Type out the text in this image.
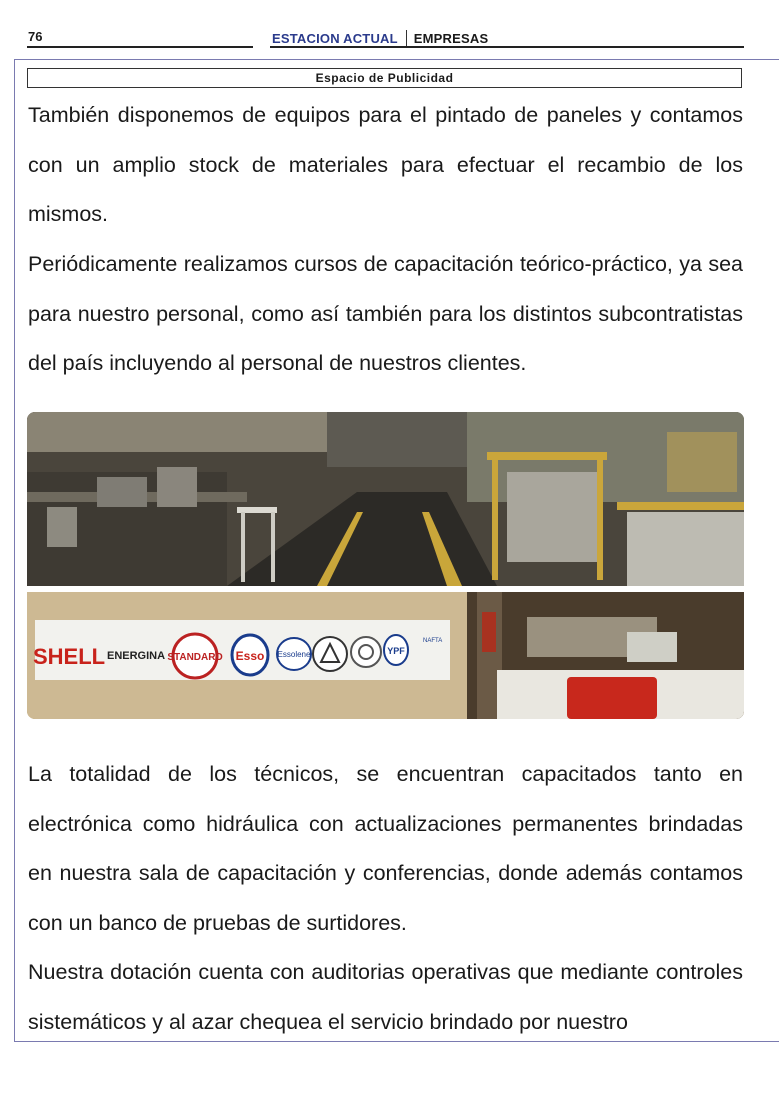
76	ESTACION ACTUAL EMPRESAS
Espacio de Publicidad

También disponemos de equipos para el pintado de paneles y contamos con un amplio stock de materiales para efectuar el recambio de los mismos.

Periódicamente realizamos cursos de capacitación teórico-práctico, ya sea para nuestro personal, como así también para los distintos subcontratistas del país incluyendo al personal de nuestros clientes.

SHELL ENERGINA STANDARD Esso Essolene	YPF
NAFTA

La totalidad de los técnicos, se encuentran capacitados tanto en electrónica como hidráulica con actualizaciones permanentes brindadas en nuestra sala de capacitación y conferencias, donde además contamos con un banco de pruebas de surtidores.

Nuestra dotación cuenta con auditorias operativas que mediante controles sistemáticos y al azar chequea el servicio brindado por nuestro
